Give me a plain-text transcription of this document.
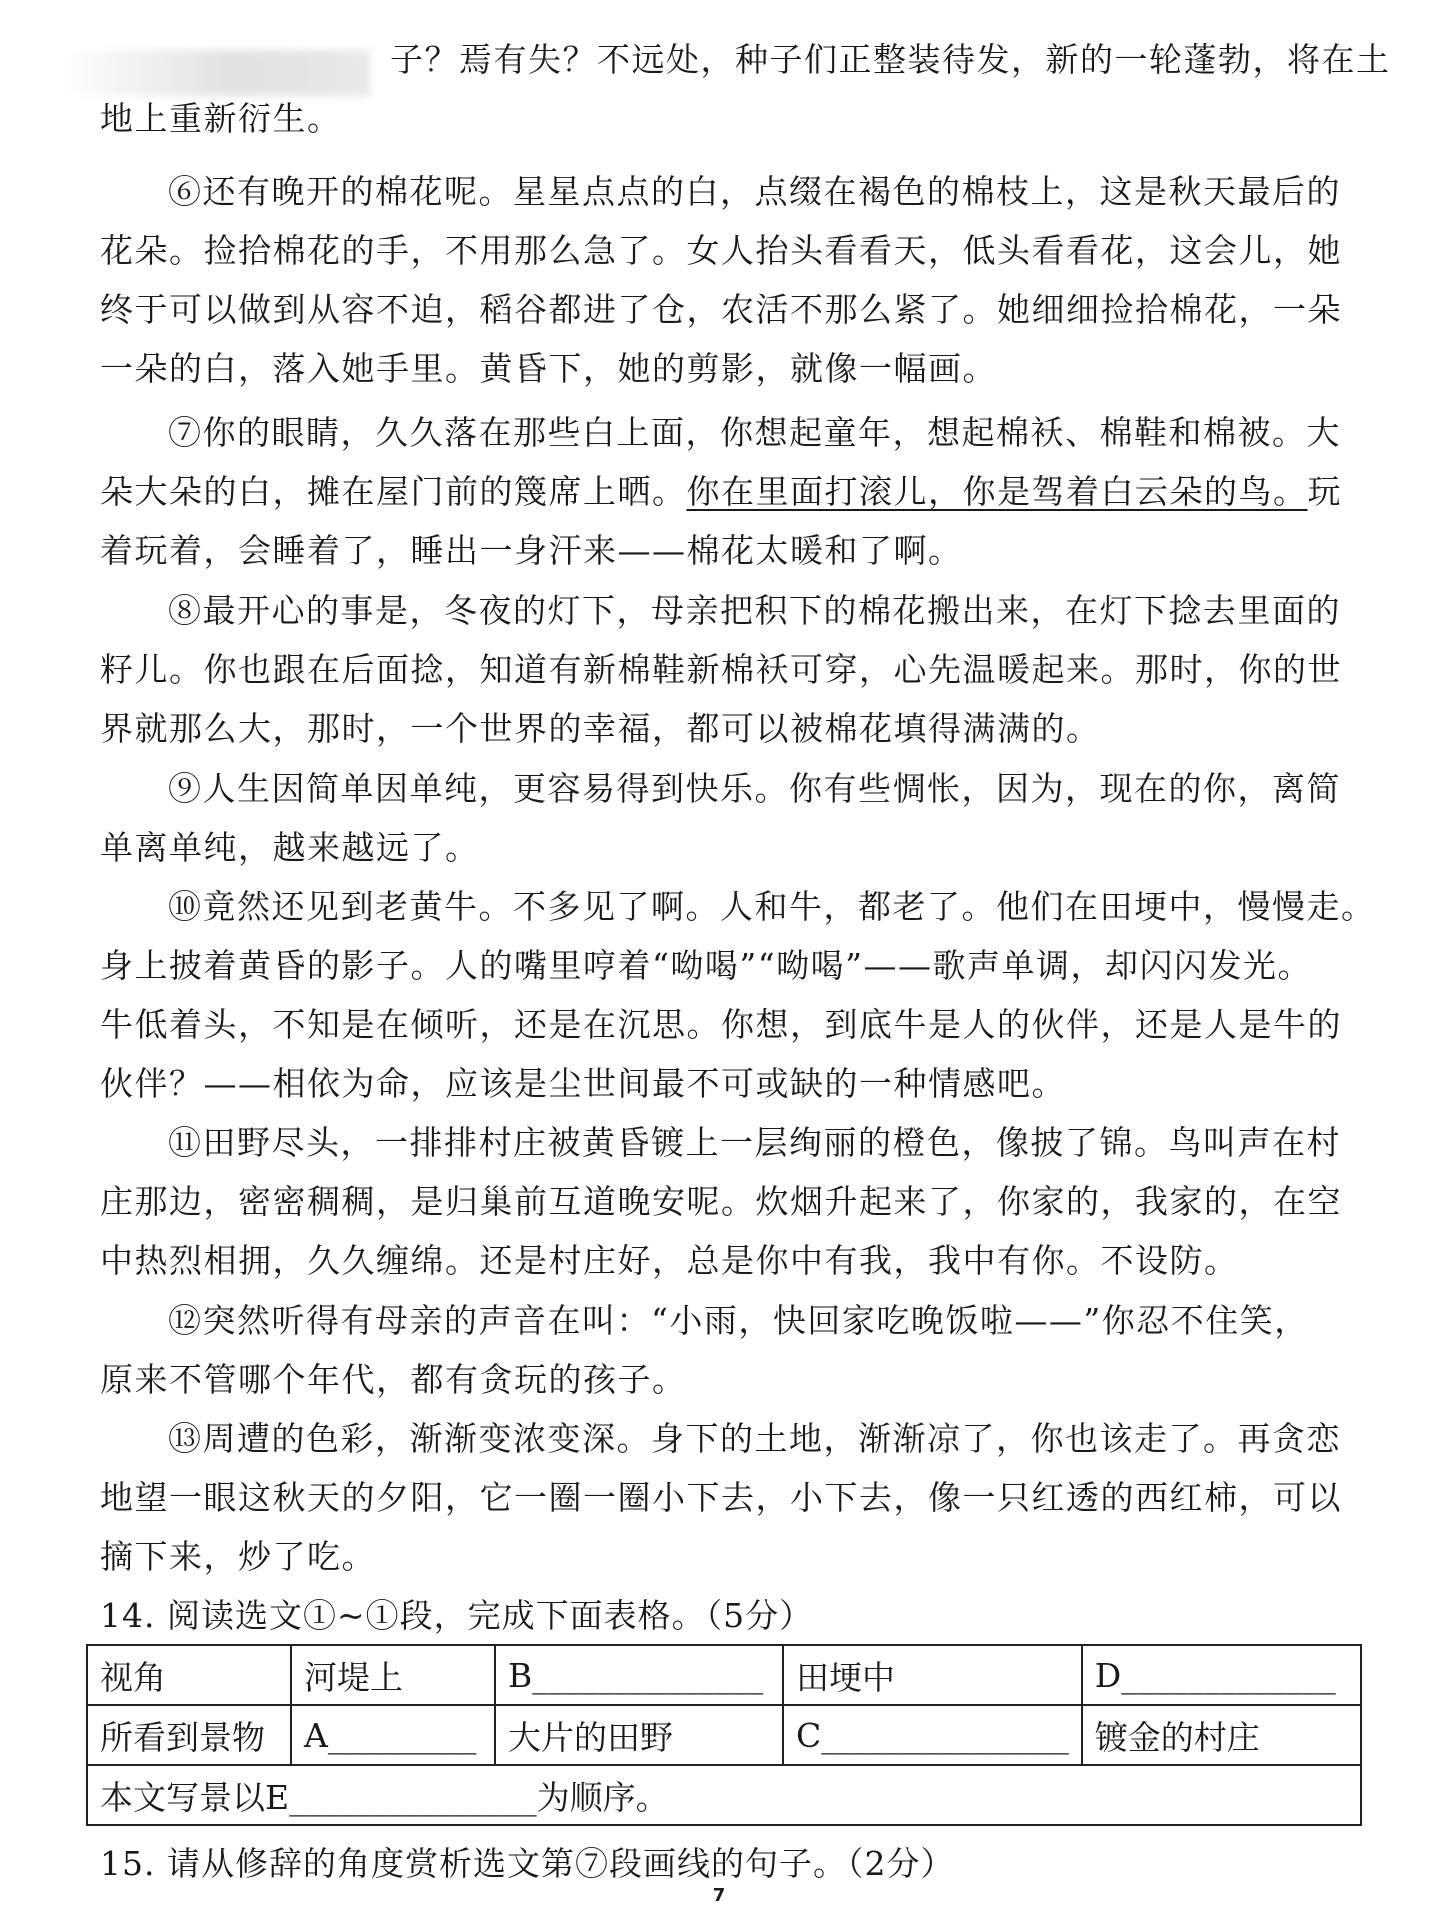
子？焉有失？不远处，种子们正整装待发，新的一轮蓬勃，将在土
地上重新衍生。
⑥还有晚开的棉花呢。星星点点的白，点缀在褐色的棉枝上，这是秋天最后的
花朵。捡拾棉花的手，不用那么急了。女人抬头看看天，低头看看花，这会儿，她
终于可以做到从容不迫，稻谷都进了仓，农活不那么紧了。她细细捡拾棉花，一朵
一朵的白，落入她手里。黄昏下，她的剪影，就像一幅画。
⑦你的眼睛，久久落在那些白上面，你想起童年，想起棉袄、棉鞋和棉被。大
朵大朵的白，摊在屋门前的篾席上晒。你在里面打滚儿，你是驾着白云朵的鸟。玩
着玩着，会睡着了，睡出一身汗来——棉花太暖和了啊。
⑧最开心的事是，冬夜的灯下，母亲把积下的棉花搬出来，在灯下捻去里面的
籽儿。你也跟在后面捻，知道有新棉鞋新棉袄可穿，心先温暖起来。那时，你的世
界就那么大，那时，一个世界的幸福，都可以被棉花填得满满的。
⑨人生因简单因单纯，更容易得到快乐。你有些惆怅，因为，现在的你，离简
单离单纯，越来越远了。
⑩竟然还见到老黄牛。不多见了啊。人和牛，都老了。他们在田埂中，慢慢走。
身上披着黄昏的影子。人的嘴里哼着“呦喝”“呦喝”——歌声单调，却闪闪发光。
牛低着头，不知是在倾听，还是在沉思。你想，到底牛是人的伙伴，还是人是牛的
伙伴？——相依为命，应该是尘世间最不可或缺的一种情感吧。
⑪田野尽头，一排排村庄被黄昏镀上一层绚丽的橙色，像披了锦。鸟叫声在村
庄那边，密密稠稠，是归巢前互道晚安呢。炊烟升起来了，你家的，我家的，在空
中热烈相拥，久久缠绵。还是村庄好，总是你中有我，我中有你。不设防。
⑫突然听得有母亲的声音在叫：“小雨，快回家吃晚饭啦——”你忍不住笑，
原来不管哪个年代，都有贪玩的孩子。
⑬周遭的色彩，渐渐变浓变深。身下的土地，渐渐凉了，你也该走了。再贪恋
地望一眼这秋天的夕阳，它一圈一圈小下去，小下去，像一只红透的西红柿，可以
摘下来，炒了吃。
14. 阅读选文①~①段，完成下面表格。（5分）
视角	河堤上	B______________	田埂中	D_____________
所看到景物	A_________	大片的田野	C_______________	镀金的村庄
本文写景以E_______________为顺序。				
15. 请从修辞的角度赏析选文第⑦段画线的句子。（2分）
7
